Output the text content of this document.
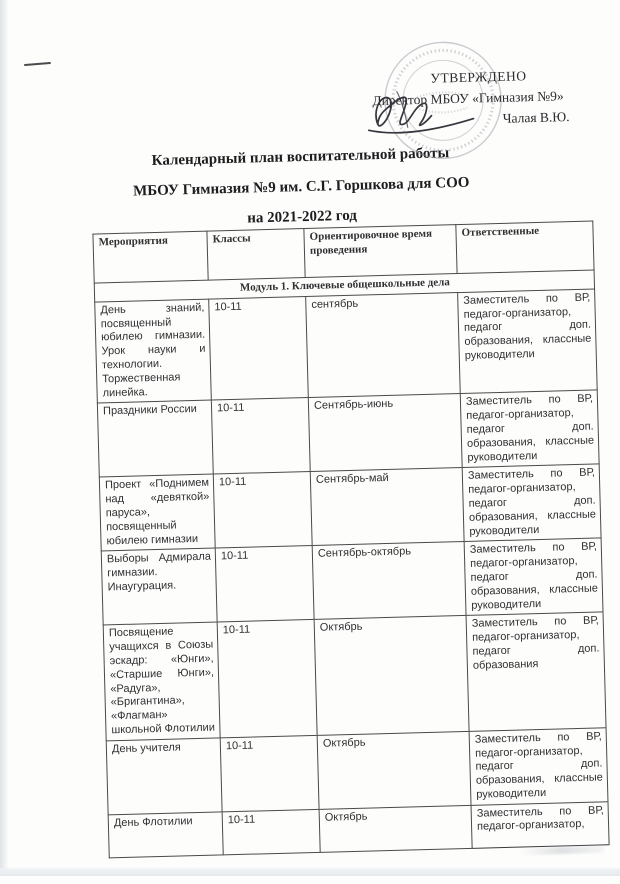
УТВЕРЖДЕНО
Директор МБОУ «Гимназия №9»
Чалая В.Ю.

Календарный план воспитательной работы

МБОУ Гимназия №9 им. С.Г. Горшкова для СОО

на 2021-2022 год

Мероприятия	Классы	Ориентировочное время проведения	Ответственные
Модуль 1. Ключевые общешкольные дела			
День знаний, посвященный юбилею гимназии. Урок науки и технологии. Торжественная линейка.	10-11	сентябрь	Заместитель по ВР, педагог-организатор, педагог доп. образования, классные руководители
Праздники России	10-11	Сентябрь-июнь	Заместитель по ВР, педагог-организатор, педагог доп. образования, классные руководители
Проект «Поднимем над «девяткой» паруса», посвященный юбилею гимназии	10-11	Сентябрь-май	Заместитель по ВР, педагог-организатор, педагог доп. образования, классные руководители
Выборы Адмирала гимназии. Инаугурация.	10-11	Сентябрь-октябрь	Заместитель по ВР, педагог-организатор, педагог доп. образования, классные руководители
Посвящение учащихся в Союзы эскадр: «Юнги», «Старшие Юнги», «Радуга», «Бригантина», «Флагман» школьной Флотилии	10-11	Октябрь	Заместитель по ВР, педагог-организатор, педагог доп. образования
День учителя	10-11	Октябрь	Заместитель по ВР, педагог-организатор, педагог доп. образования, классные руководители
День Флотилии	10-11	Октябрь	Заместитель по ВР, педагог-организатор,
